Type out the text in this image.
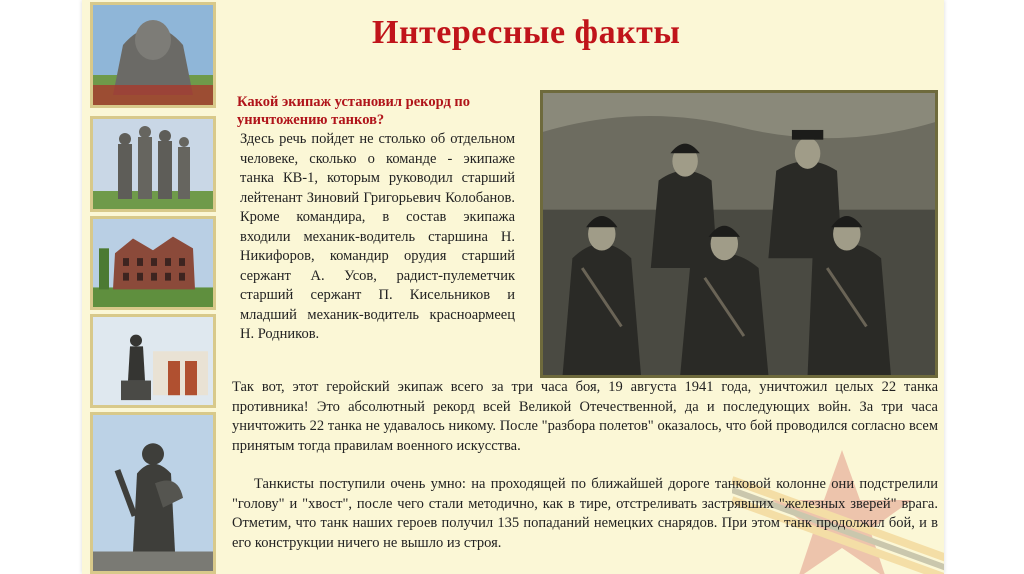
Интересные факты
Какой экипаж установил рекорд по уничтожению танков?
Здесь речь пойдет не столько об отдельном человеке, сколько о команде - экипаже танка КВ-1, которым руководил старший лейтенант Зиновий Григорьевич Колобанов. Кроме командира, в состав экипажа входили механик-водитель старшина Н. Никифоров, командир орудия старший сержант А. Усов, радист-пулеметчик старший сержант П. Кисельников и младший механик-водитель красноармеец Н. Родников.
Так вот, этот геройский экипаж всего за три часа боя, 19 августа 1941 года, уничтожил целых 22 танка противника! Это абсолютный рекорд всей Великой Отечественной, да и последующих войн. За три часа уничтожить 22 танка не удавалось никому. После "разбора полетов" оказалось, что бой проводился согласно всем принятым тогда правилам военного искусства.
Танкисты поступили очень умно: на проходящей по ближайшей дороге танковой колонне они подстрелили "голову" и "хвост", после чего стали методично, как в тире, отстреливать застрявших "железных зверей" врага. Отметим, что танк наших героев получил 135 попаданий немецких снарядов. При этом танк продолжил бой, и в его конструкции ничего не вышло из строя.
